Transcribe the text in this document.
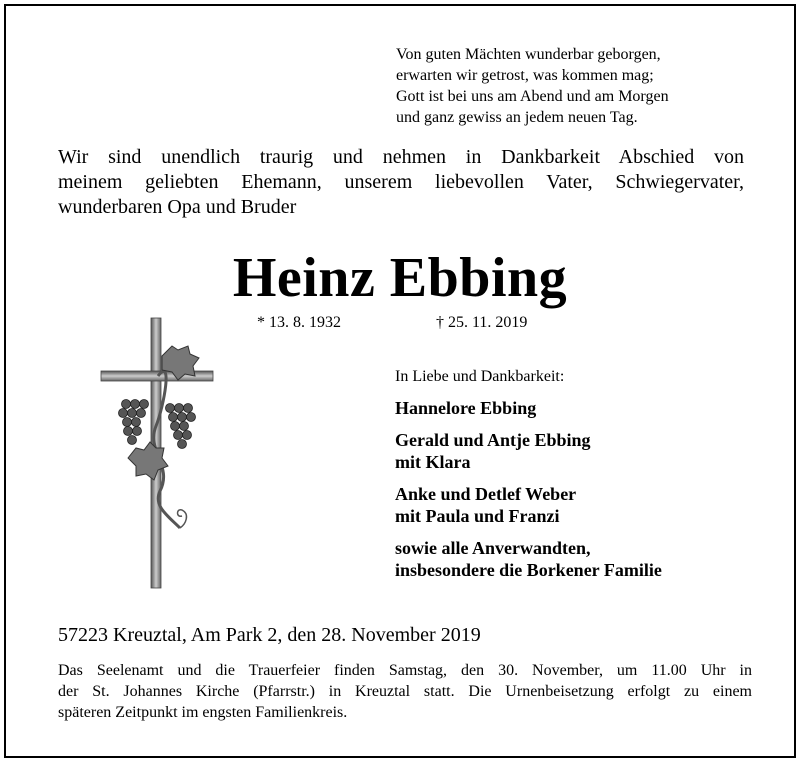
Von guten Mächten wunderbar geborgen,
erwarten wir getrost, was kommen mag;
Gott ist bei uns am Abend und am Morgen
und ganz gewiss an jedem neuen Tag.
Wir sind unendlich traurig und nehmen in Dankbarkeit Abschied von
meinem geliebten Ehemann, unserem liebevollen Vater, Schwiegervater,
wunderbaren Opa und Bruder
Heinz Ebbing
* 13. 8. 1932	† 25. 11. 2019
In Liebe und Dankbarkeit:
Hannelore Ebbing
Gerald und Antje Ebbing
mit Klara
Anke und Detlef Weber
mit Paula und Franzi
sowie alle Anverwandten,
insbesondere die Borkener Familie
57223 Kreuztal, Am Park 2, den 28. November 2019
Das Seelenamt und die Trauerfeier finden Samstag, den 30. November, um 11.00 Uhr in
der St. Johannes Kirche (Pfarrstr.) in Kreuztal statt. Die Urnenbeisetzung erfolgt zu einem
späteren Zeitpunkt im engsten Familienkreis.
